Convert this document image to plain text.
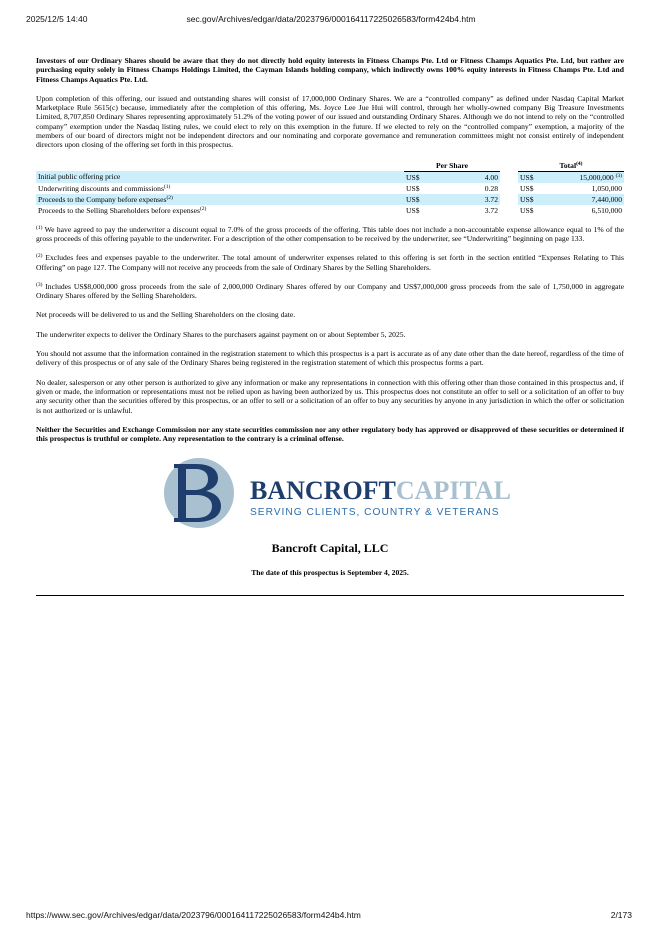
2025/12/5 14:40	sec.gov/Archives/edgar/data/2023796/000164117225026583/form424b4.htm

Investors of our Ordinary Shares should be aware that they do not directly hold equity interests in Fitness Champs Pte. Ltd or Fitness Champs Aquatics Pte. Ltd, but rather are purchasing equity solely in Fitness Champs Holdings Limited, the Cayman Islands holding company, which indirectly owns 100% equity interests in Fitness Champs Pte. Ltd and Fitness Champs Aquatics Pte. Ltd.

Upon completion of this offering, our issued and outstanding shares will consist of 17,000,000 Ordinary Shares. We are a “controlled company” as defined under Nasdaq Capital Market Marketplace Rule 5615(c) because, immediately after the completion of this offering, Ms. Joyce Lee Jue Hui will control, through her wholly-owned company Big Treasure Investments Limited, 8,707,850 Ordinary Shares representing approximately 51.2% of the voting power of our issued and outstanding Ordinary Shares. Although we do not intend to rely on the “controlled company” exemption under the Nasdaq listing rules, we could elect to rely on this exemption in the future. If we elected to rely on the “controlled company” exemption, a majority of the members of our board of directors might not be independent directors and our nominating and corporate governance and remuneration committees might not consist entirely of independent directors upon closing of the offering set forth in this prospectus.

	Per Share			Total$^{(4)}$
Initial public offering price	US$	4.00		US$	15,000,000 $^{(3)}$
Underwriting discounts and commissions$^{(1)}$	US$	0.28		US$	1,050,000
Proceeds to the Company before expenses$^{(2)}$	US$	3.72		US$	7,440,000
Proceeds to the Selling Shareholders before expenses$^{(2)}$	US$	3.72		US$	6,510,000

$^{(1)}$ We have agreed to pay the underwriter a discount equal to 7.0% of the gross proceeds of the offering. This table does not include a non-accountable expense allowance equal to 1% of the gross proceeds of this offering payable to the underwriter. For a description of the other compensation to be received by the underwriter, see “Underwriting” beginning on page 133.

$^{(2)}$ Excludes fees and expenses payable to the underwriter. The total amount of underwriter expenses related to this offering is set forth in the section entitled “Expenses Relating to This Offering” on page 127. The Company will not receive any proceeds from the sale of Ordinary Shares by the Selling Shareholders.

$^{(3)}$ Includes US$8,000,000 gross proceeds from the sale of 2,000,000 Ordinary Shares offered by our Company and US$7,000,000 gross proceeds from the sale of 1,750,000 in aggregate Ordinary Shares offered by the Selling Shareholders.

Net proceeds will be delivered to us and the Selling Shareholders on the closing date.

The underwriter expects to deliver the Ordinary Shares to the purchasers against payment on or about September 5, 2025.

You should not assume that the information contained in the registration statement to which this prospectus is a part is accurate as of any date other than the date hereof, regardless of the time of delivery of this prospectus or of any sale of the Ordinary Shares being registered in the registration statement of which this prospectus forms a part.

No dealer, salesperson or any other person is authorized to give any information or make any representations in connection with this offering other than those contained in this prospectus and, if given or made, the information or representations must not be relied upon as having been authorized by us. This prospectus does not constitute an offer to sell or a solicitation of an offer to buy any security other than the securities offered by this prospectus, or an offer to sell or a solicitation of an offer to buy any securities by anyone in any jurisdiction in which the offer or solicitation is not authorized or is unlawful.

Neither the Securities and Exchange Commission nor any state securities commission nor any other regulatory body has approved or disapproved of these securities or determined if this prospectus is truthful or complete. Any representation to the contrary is a criminal offense.

BANCROFTCAPITAL
SERVING CLIENTS, COUNTRY & VETERANS
Bancroft Capital, LLC
The date of this prospectus is September 4, 2025.
https://www.sec.gov/Archives/edgar/data/2023796/000164117225026583/form424b4.htm	2/173
